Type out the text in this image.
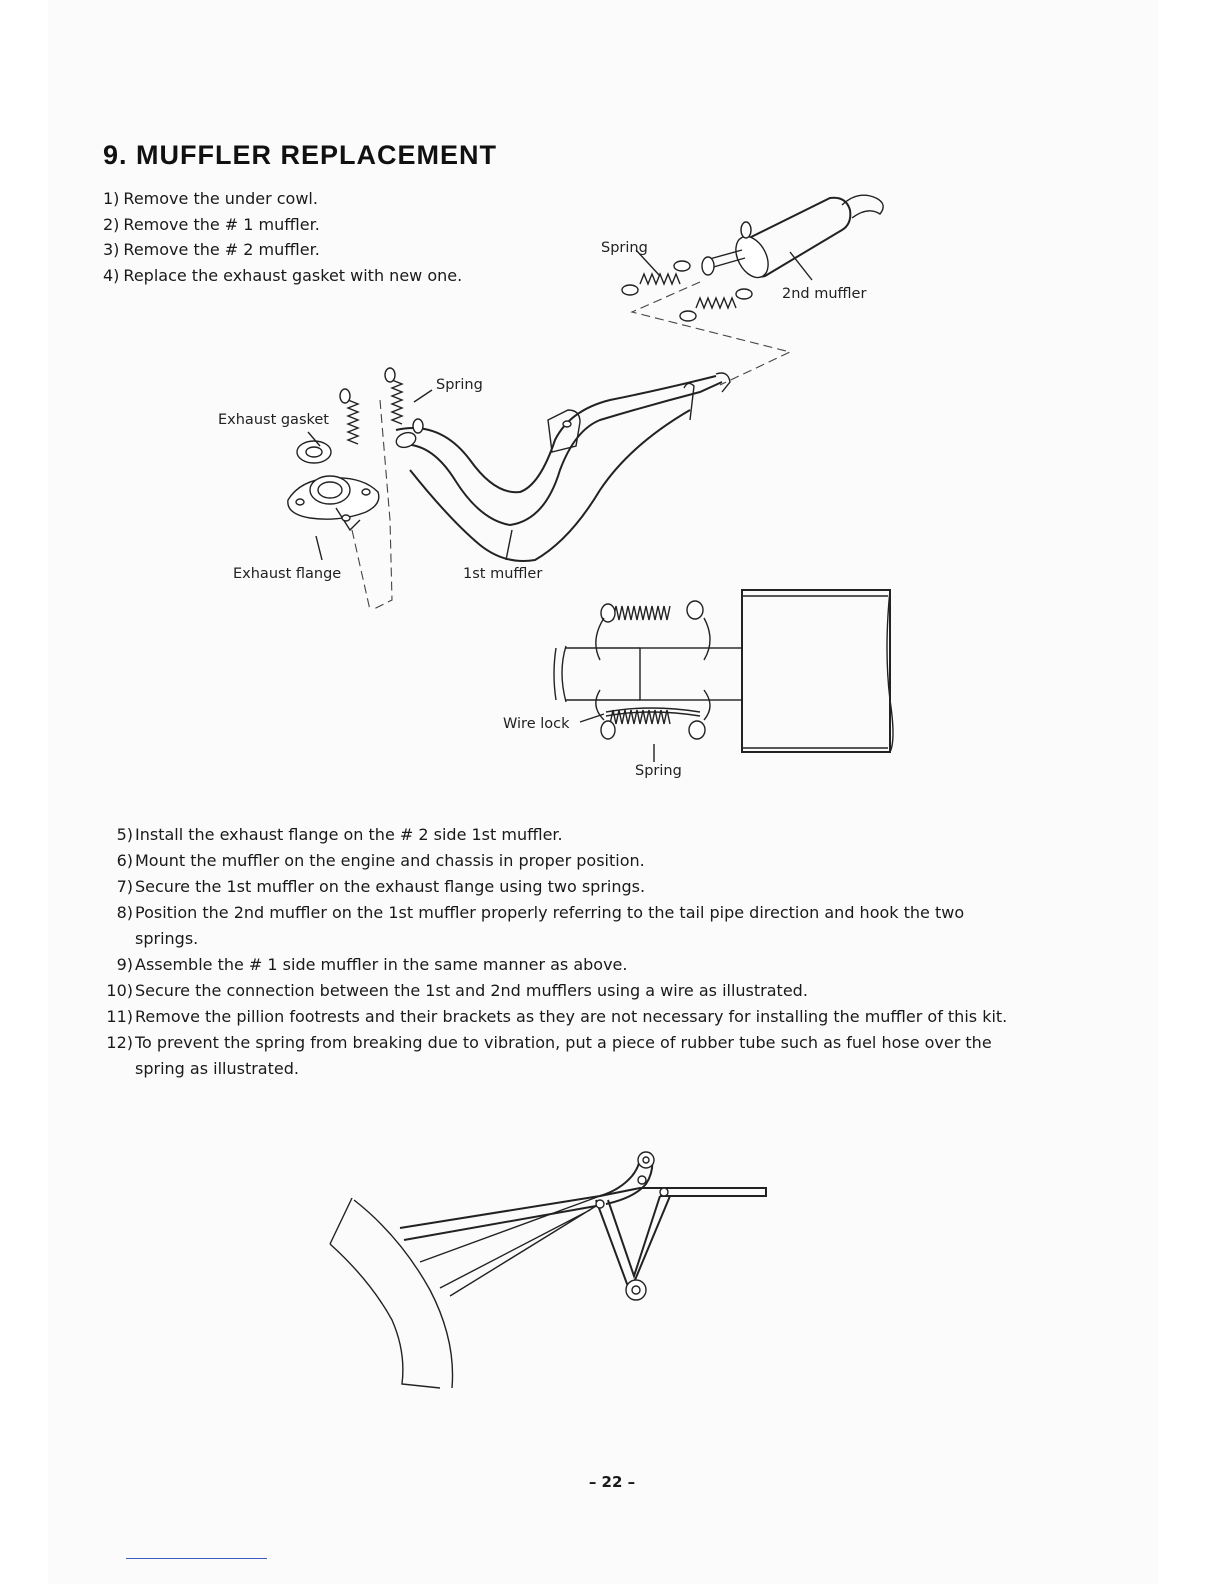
9. MUFFLER REPLACEMENT
1) Remove the under cowl.
2) Remove the # 1 muffler.
3) Remove the # 2 muffler.
4) Replace the exhaust gasket with new one.
Spring
2nd muffler
Spring
Exhaust gasket
Exhaust flange	1st muffler
Wire lock
Spring
5) Install the exhaust flange on the # 2 side 1st muffler.
6) Mount the muffler on the engine and chassis in proper position.
7) Secure the 1st muffler on the exhaust flange using two springs.
8) Position the 2nd muffler on the 1st muffler properly referring to the tail pipe direction and hook the two springs.
9) Assemble the # 1 side muffler in the same manner as above.
10) Secure the connection between the 1st and 2nd mufflers using a wire as illustrated.
11) Remove the pillion footrests and their brackets as they are not necessary for installing the muffler of this kit.
12) To prevent the spring from breaking due to vibration, put a piece of rubber tube such as fuel hose over the spring as illustrated.
– 22 –
